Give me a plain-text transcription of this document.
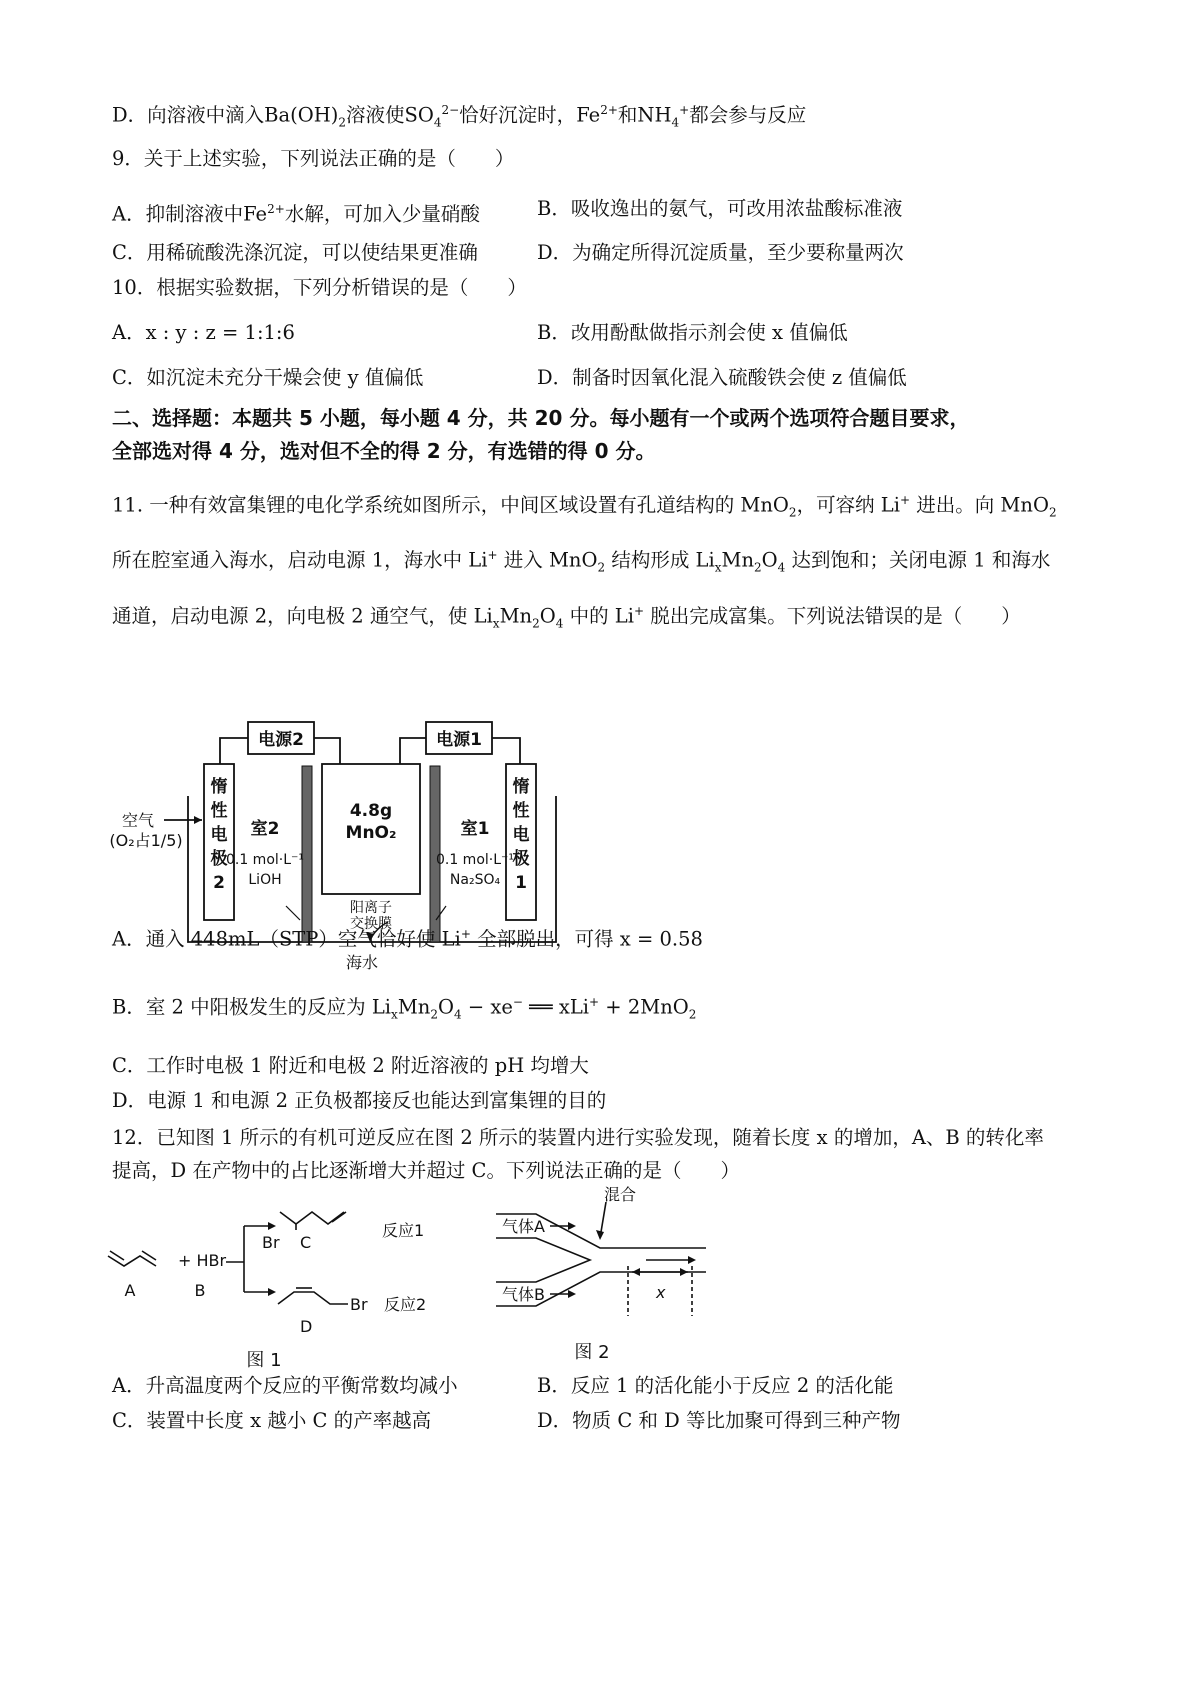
D．向溶液中滴入$Ba(OH)_2$溶液使$SO_4^{2-}$恰好沉淀时，$Fe^{2+}$和$NH_4^+$都会参与反应
9．关于上述实验，下列说法正确的是（　　）
A．抑制溶液中$Fe^{2+}$水解，可加入少量硝酸	B．吸收逸出的氨气，可改用浓盐酸标准液
C．用稀硫酸洗涤沉淀，可以使结果更准确	D．为确定所得沉淀质量，至少要称量两次
10．根据实验数据，下列分析错误的是（　　）
A．x : y : z = 1:1:6	B．改用酚酞做指示剂会使 x 值偏低
C．如沉淀未充分干燥会使 y 值偏低	D．制备时因氧化混入硫酸铁会使 z 值偏低
二、选择题：本题共 5 小题，每小题 4 分，共 20 分。每小题有一个或两个选项符合题目要求，
全部选对得 4 分，选对但不全的得 2 分，有选错的得 0 分。
11. 一种有效富集锂的电化学系统如图所示，中间区域设置有孔道结构的 MnO$_2$，可容纳 Li+ 进出。向 MnO$_2$
所在腔室通入海水，启动电源 1，海水中 Li+ 进入 MnO$_2$ 结构形成 $Li_xMn_2O_4$ 达到饱和；关闭电源 1 和海水
通道，启动电源 2，向电极 2 通空气，使 $Li_xMn_2O_4$ 中的 Li+ 脱出完成富集。下列说法错误的是（　　）
电源2	电源1
惰
性
电
极
2
惰
性
电
极
1
室2	室1
4.8g
MnO₂
0.1 mol·L⁻¹
LiOH
0.1 mol·L⁻¹
Na₂SO₄
阳离子
交换膜
空气
(O₂占1/5)
海水
A．通入 448mL（STP）空气恰好使 Li+ 全部脱出，可得 x = 0.58
B．室 2 中阳极发生的反应为 $Li_xMn_2O_4 - xe^-$ ══ xLi+ + 2MnO$_2$
C．工作时电极 1 附近和电极 2 附近溶液的 pH 均增大
D．电源 1 和电源 2 正负极都接反也能达到富集锂的目的
12．已知图 1 所示的有机可逆反应在图 2 所示的装置内进行实验发现，随着长度 x 的增加，A、B 的转化率
提高，D 在产物中的占比逐渐增大并超过 C。下列说法正确的是（　　）
+ HBr
A	B
Br C
Br
D
反应1
反应2
图 1
混合
气体A
气体B	x
图 2
A．升高温度两个反应的平衡常数均减小	B．反应 1 的活化能小于反应 2 的活化能
C．装置中长度 x 越小 C 的产率越高	D．物质 C 和 D 等比加聚可得到三种产物
